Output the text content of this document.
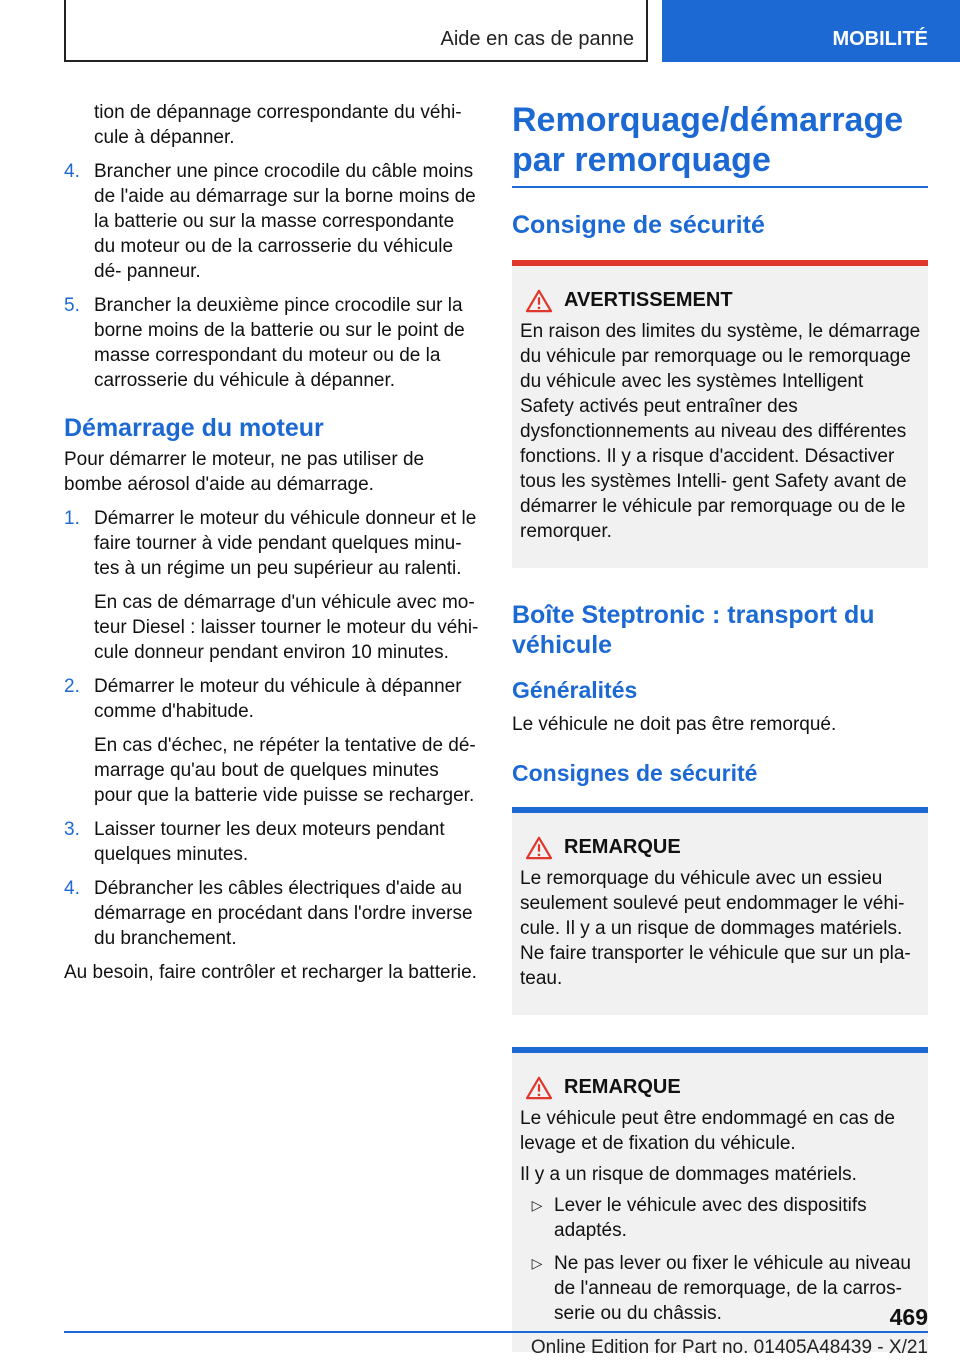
Aide en cas de panne	MOBILITÉ
tion de dépannage correspondante du véhi‐ cule à dépanner.
4. Brancher une pince crocodile du câble moins de l'aide au démarrage sur la borne moins de la batterie ou sur la masse correspondante du moteur ou de la carrosserie du véhicule dé‐ panneur.
5. Brancher la deuxième pince crocodile sur la borne moins de la batterie ou sur le point de masse correspondant du moteur ou de la carrosserie du véhicule à dépanner.
Démarrage du moteur

Pour démarrer le moteur, ne pas utiliser de bombe aérosol d'aide au démarrage.

1. Démarrer le moteur du véhicule donneur et le faire tourner à vide pendant quelques minu‐ tes à un régime un peu supérieur au ralenti.

En cas de démarrage d'un véhicule avec mo‐ teur Diesel : laisser tourner le moteur du véhi‐ cule donneur pendant environ 10 minutes.

2. Démarrer le moteur du véhicule à dépanner comme d'habitude.

En cas d'échec, ne répéter la tentative de dé‐ marrage qu'au bout de quelques minutes pour que la batterie vide puisse se recharger.

3. Laisser tourner les deux moteurs pendant quelques minutes.
4. Débrancher les câbles électriques d'aide au démarrage en procédant dans l'ordre inverse du branchement.

Au besoin, faire contrôler et recharger la batterie.

Remorquage/démarrage par remorquage
Consigne de sécurité
AVERTISSEMENT

En raison des limites du système, le démarrage du véhicule par remorquage ou le remorquage du véhicule avec les systèmes Intelligent Safety activés peut entraîner des dysfonctionnements au niveau des différentes fonctions. Il y a risque d'accident. Désactiver tous les systèmes Intelli‐ gent Safety avant de démarrer le véhicule par remorquage ou de le remorquer.

Boîte Steptronic : transport du véhicule
Généralités

Le véhicule ne doit pas être remorqué.

Consignes de sécurité
REMARQUE

Le remorquage du véhicule avec un essieu seulement soulevé peut endommager le véhi‐ cule. Il y a un risque de dommages matériels. Ne faire transporter le véhicule que sur un pla‐ teau.

REMARQUE

Le véhicule peut être endommagé en cas de levage et de fixation du véhicule.

Il y a un risque de dommages matériels.

▷ Lever le véhicule avec des dispositifs adaptés.
▷ Ne pas lever ou fixer le véhicule au niveau de l'anneau de remorquage, de la carros‐ serie ou du châssis.	469
Online Edition for Part no. 01405A48439 - X/21
